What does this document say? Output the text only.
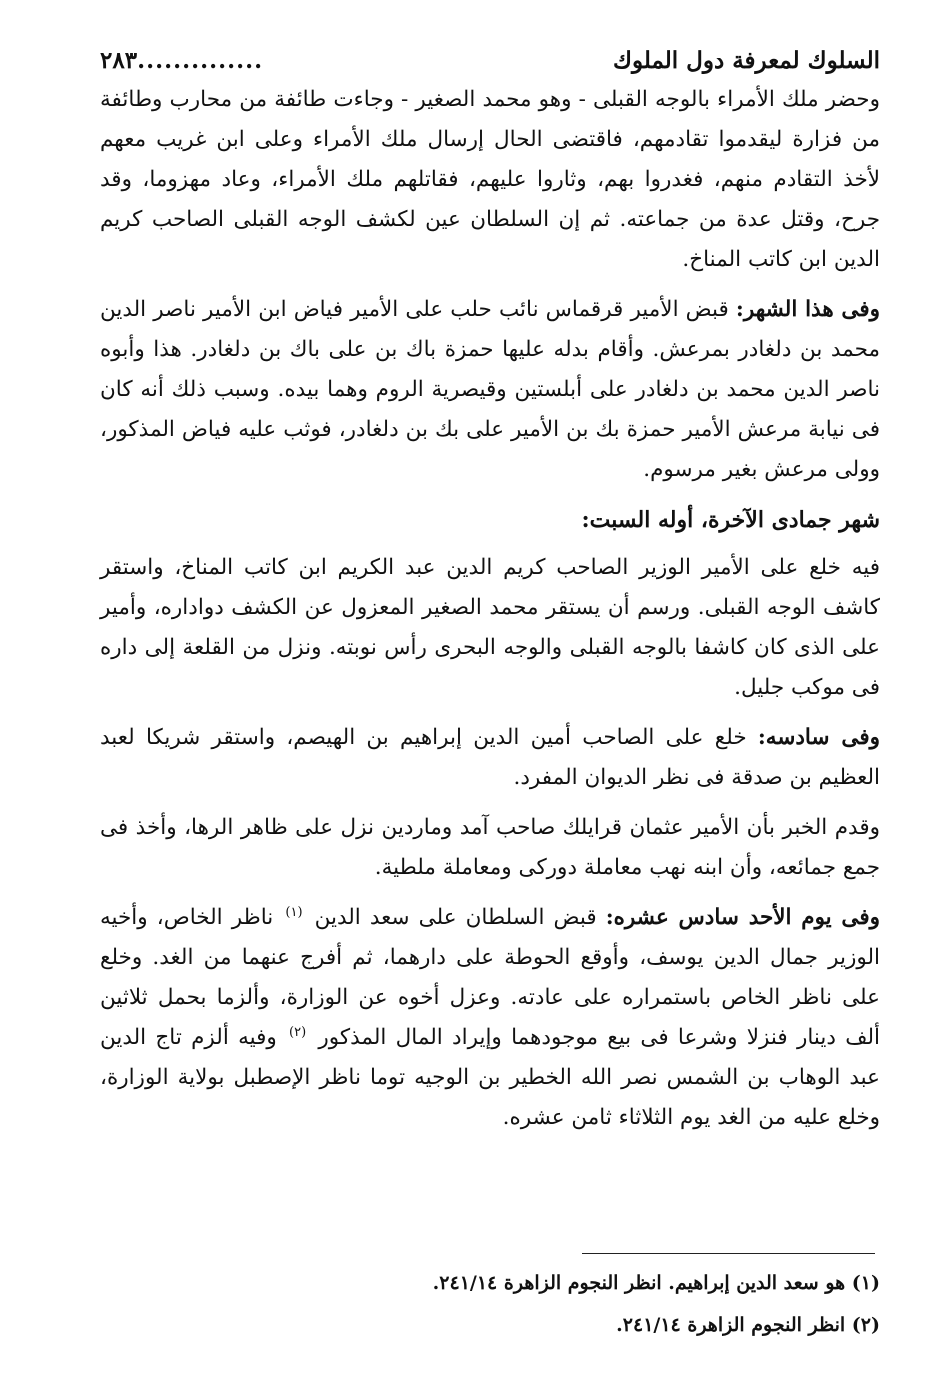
السلوك لمعرفة دول الملوك
..............
٢٨٣

وحضر ملك الأمراء بالوجه القبلى - وهو محمد الصغير - وجاءت طائفة من محارب وطائفة من فزارة ليقدموا تقادمهم، فاقتضى الحال إرسال ملك الأمراء وعلى ابن غريب معهم لأخذ التقادم منهم، فغدروا بهم، وثاروا عليهم، فقاتلهم ملك الأمراء، وعاد مهزوما، وقد جرح، وقتل عدة من جماعته. ثم إن السلطان عين لكشف الوجه القبلى الصاحب كريم الدين ابن كاتب المناخ.

وفى هذا الشهر: قبض الأمير قرقماس نائب حلب على الأمير فياض ابن الأمير ناصر الدين محمد بن دلغادر بمرعش. وأقام بدله عليها حمزة باك بن على باك بن دلغادر. هذا وأبوه ناصر الدين محمد بن دلغادر على أبلستين وقيصرية الروم وهما بيده. وسبب ذلك أنه كان فى نيابة مرعش الأمير حمزة بك بن الأمير على بك بن دلغادر، فوثب عليه فياض المذكور، وولى مرعش بغير مرسوم.

شهر جمادى الآخرة، أوله السبت:

فيه خلع على الأمير الوزير الصاحب كريم الدين عبد الكريم ابن كاتب المناخ، واستقر كاشف الوجه القبلى. ورسم أن يستقر محمد الصغير المعزول عن الكشف دواداره، وأمير على الذى كان كاشفا بالوجه القبلى والوجه البحرى رأس نوبته. ونزل من القلعة إلى داره فى موكب جليل.

وفى سادسه: خلع على الصاحب أمين الدين إبراهيم بن الهيصم، واستقر شريكا لعبد العظيم بن صدقة فى نظر الديوان المفرد.

وقدم الخبر بأن الأمير عثمان قرايلك صاحب آمد وماردين نزل على ظاهر الرها، وأخذ فى جمع جمائعه، وأن ابنه نهب معاملة دوركى ومعاملة ملطية.

وفى يوم الأحد سادس عشره: قبض السلطان على سعد الدين $^{(١)}$ ناظر الخاص، وأخيه الوزير جمال الدين يوسف، وأوقع الحوطة على دارهما، ثم أفرج عنهما من الغد. وخلع على ناظر الخاص باستمراره على عادته. وعزل أخوه عن الوزارة، وألزما بحمل ثلاثين ألف دينار فنزلا وشرعا فى بيع موجودهما وإيراد المال المذكور $^{(٢)}$ وفيه ألزم تاج الدين عبد الوهاب بن الشمس نصر الله الخطير بن الوجيه توما ناظر الإصطبل بولاية الوزارة، وخلع عليه من الغد يوم الثلاثاء ثامن عشره.

(١) هو سعد الدين إبراهيم. انظر النجوم الزاهرة ٢٤١/١٤.
(٢) انظر النجوم الزاهرة ٢٤١/١٤.
